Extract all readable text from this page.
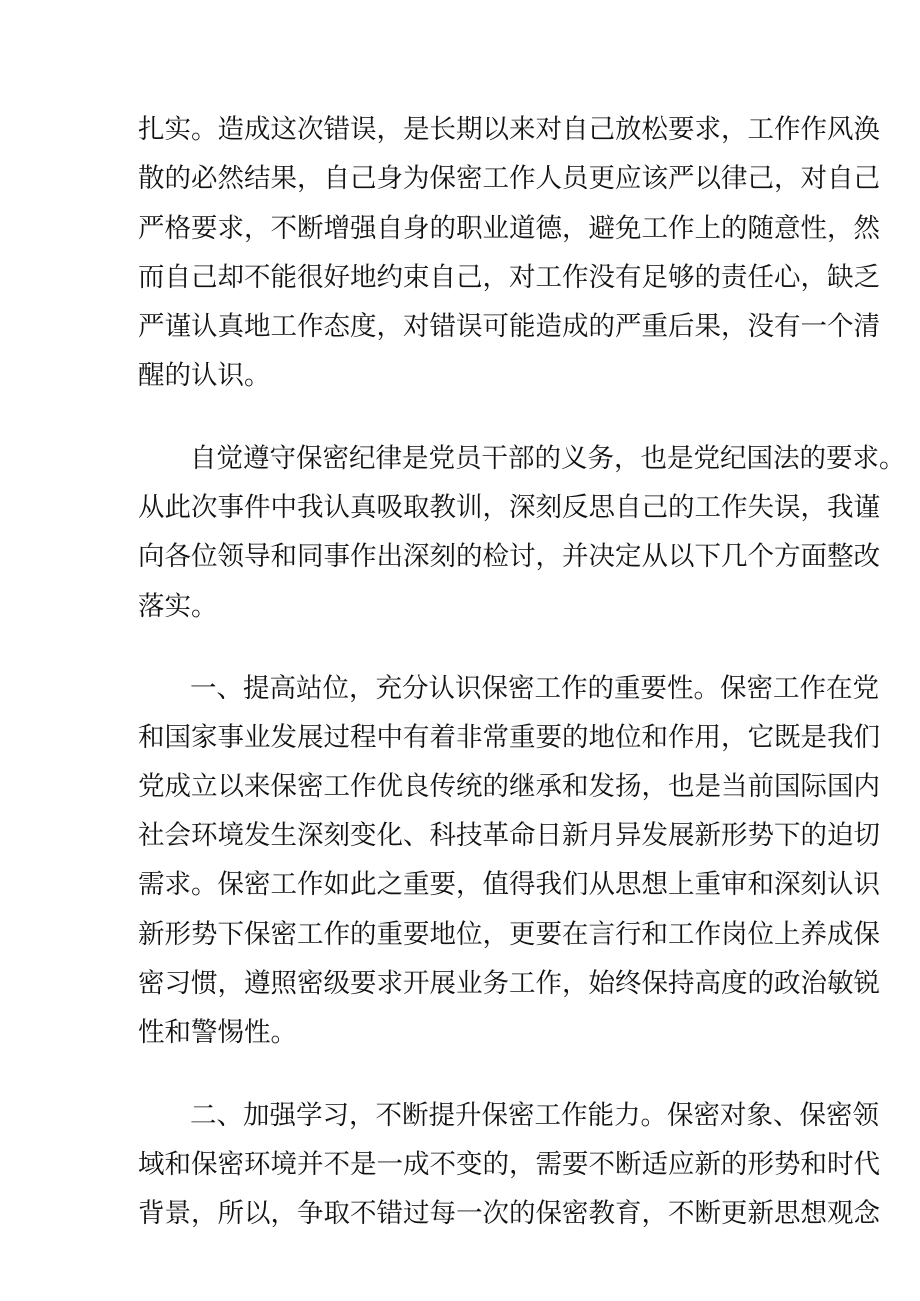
扎实。造成这次错误，是长期以来对自己放松要求，工作作风涣

散的必然结果，自己身为保密工作人员更应该严以律己，对自己

严格要求，不断增强自身的职业道德，避免工作上的随意性，然

而自己却不能很好地约束自己，对工作没有足够的责任心，缺乏

严谨认真地工作态度，对错误可能造成的严重后果，没有一个清

醒的认识。

自觉遵守保密纪律是党员干部的义务，也是党纪国法的要求。

从此次事件中我认真吸取教训，深刻反思自己的工作失误，我谨

向各位领导和同事作出深刻的检讨，并决定从以下几个方面整改

落实。

一、提高站位，充分认识保密工作的重要性。保密工作在党

和国家事业发展过程中有着非常重要的地位和作用，它既是我们

党成立以来保密工作优良传统的继承和发扬，也是当前国际国内

社会环境发生深刻变化、科技革命日新月异发展新形势下的迫切

需求。保密工作如此之重要，值得我们从思想上重审和深刻认识

新形势下保密工作的重要地位，更要在言行和工作岗位上养成保

密习惯，遵照密级要求开展业务工作，始终保持高度的政治敏锐

性和警惕性。

二、加强学习，不断提升保密工作能力。保密对象、保密领

域和保密环境并不是一成不变的，需要不断适应新的形势和时代

背景，所以，争取不错过每一次的保密教育，不断更新思想观念
